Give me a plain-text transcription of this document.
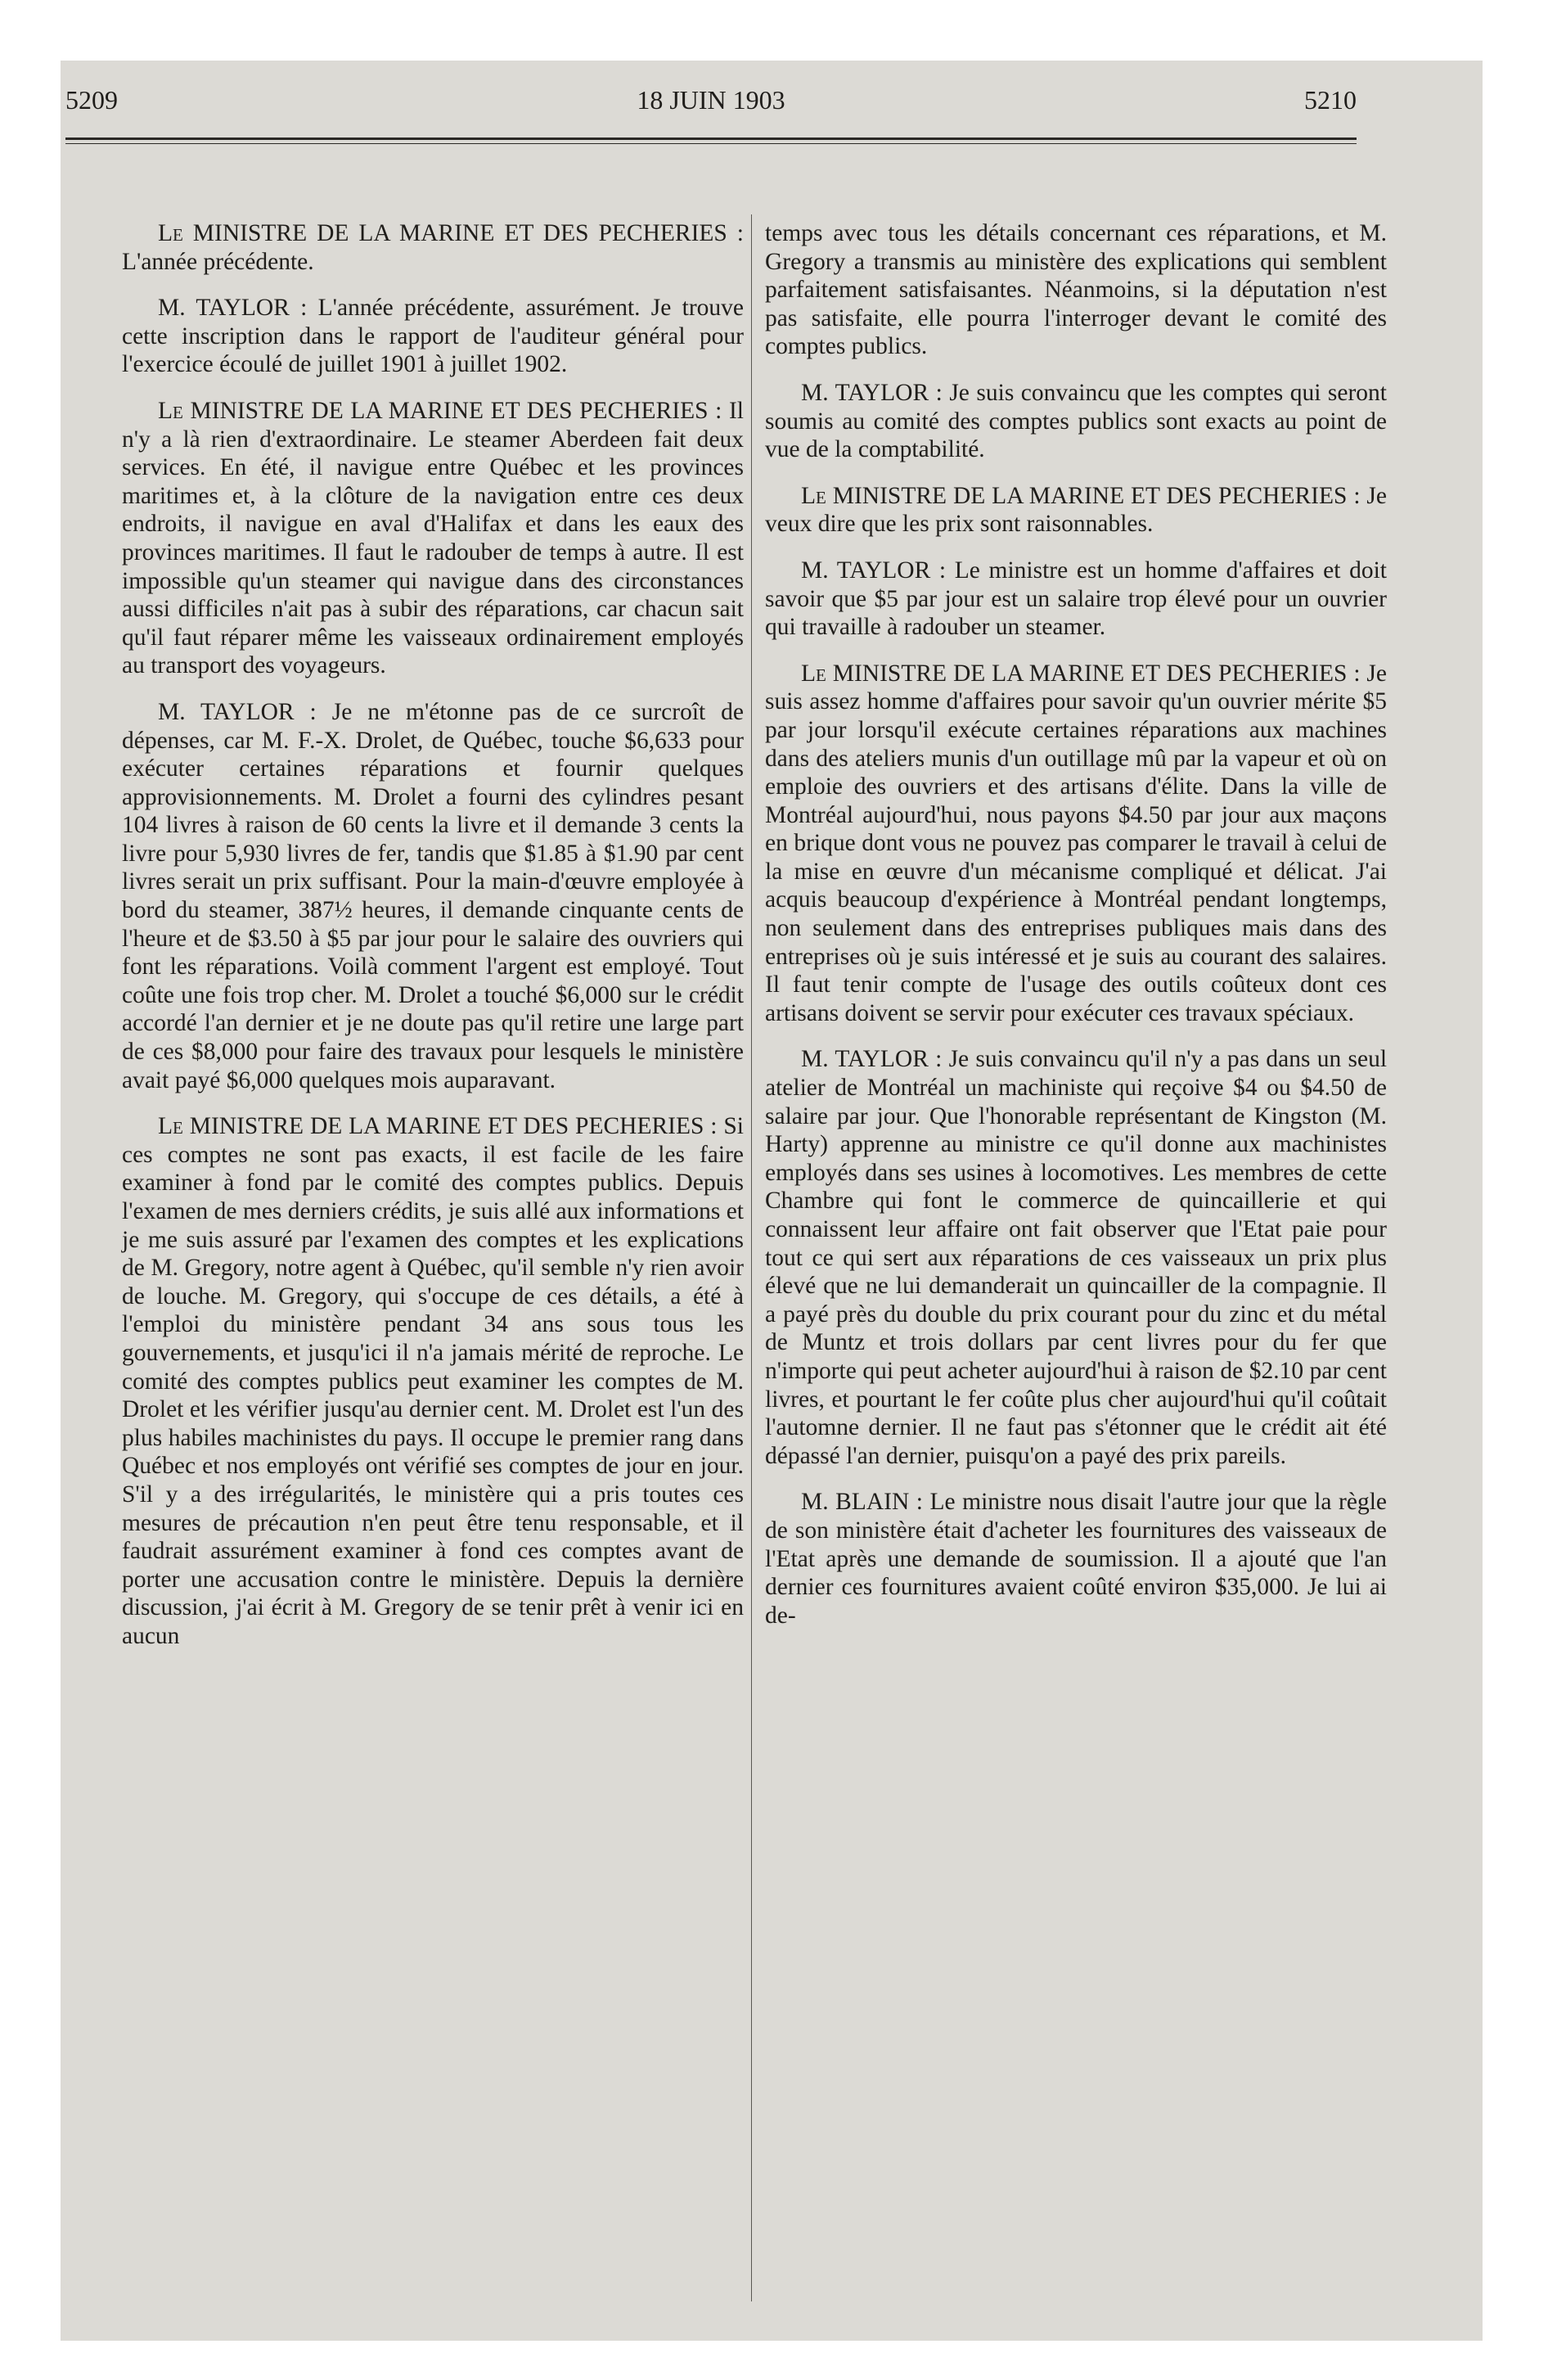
5209	18 JUIN 1903	5210

Le MINISTRE DE LA MARINE ET DES PECHERIES : L'année précédente.

M. TAYLOR : L'année précédente, assurément. Je trouve cette inscription dans le rapport de l'auditeur général pour l'exercice écoulé de juillet 1901 à juillet 1902.

Le MINISTRE DE LA MARINE ET DES PECHERIES : Il n'y a là rien d'extraordinaire. Le steamer Aberdeen fait deux services. En été, il navigue entre Québec et les provinces maritimes et, à la clôture de la navigation entre ces deux endroits, il navigue en aval d'Halifax et dans les eaux des provinces maritimes. Il faut le radouber de temps à autre. Il est impossible qu'un steamer qui navigue dans des circonstances aussi difficiles n'ait pas à subir des réparations, car chacun sait qu'il faut réparer même les vaisseaux ordinairement employés au transport des voyageurs.

M. TAYLOR : Je ne m'étonne pas de ce surcroît de dépenses, car M. F.-X. Drolet, de Québec, touche $6,633 pour exécuter certaines réparations et fournir quelques approvisionnements. M. Drolet a fourni des cylindres pesant 104 livres à raison de 60 cents la livre et il demande 3 cents la livre pour 5,930 livres de fer, tandis que $1.85 à $1.90 par cent livres serait un prix suffisant. Pour la main-d'œuvre employée à bord du steamer, 387½ heures, il demande cinquante cents de l'heure et de $3.50 à $5 par jour pour le salaire des ouvriers qui font les réparations. Voilà comment l'argent est employé. Tout coûte une fois trop cher. M. Drolet a touché $6,000 sur le crédit accordé l'an dernier et je ne doute pas qu'il retire une large part de ces $8,000 pour faire des travaux pour lesquels le ministère avait payé $6,000 quelques mois auparavant.

Le MINISTRE DE LA MARINE ET DES PECHERIES : Si ces comptes ne sont pas exacts, il est facile de les faire examiner à fond par le comité des comptes publics. Depuis l'examen de mes derniers crédits, je suis allé aux informations et je me suis assuré par l'examen des comptes et les explications de M. Gregory, notre agent à Québec, qu'il semble n'y rien avoir de louche. M. Gregory, qui s'occupe de ces détails, a été à l'emploi du ministère pendant 34 ans sous tous les gouvernements, et jusqu'ici il n'a jamais mérité de reproche. Le comité des comptes publics peut examiner les comptes de M. Drolet et les vérifier jusqu'au dernier cent. M. Drolet est l'un des plus habiles machinistes du pays. Il occupe le premier rang dans Québec et nos employés ont vérifié ses comptes de jour en jour. S'il y a des irrégularités, le ministère qui a pris toutes ces mesures de précaution n'en peut être tenu responsable, et il faudrait assurément examiner à fond ces comptes avant de porter une accusation contre le ministère. Depuis la dernière discussion, j'ai écrit à M. Gregory de se tenir prêt à venir ici en aucun

temps avec tous les détails concernant ces réparations, et M. Gregory a transmis au ministère des explications qui semblent parfaitement satisfaisantes. Néanmoins, si la députation n'est pas satisfaite, elle pourra l'interroger devant le comité des comptes publics.

M. TAYLOR : Je suis convaincu que les comptes qui seront soumis au comité des comptes publics sont exacts au point de vue de la comptabilité.

Le MINISTRE DE LA MARINE ET DES PECHERIES : Je veux dire que les prix sont raisonnables.

M. TAYLOR : Le ministre est un homme d'affaires et doit savoir que $5 par jour est un salaire trop élevé pour un ouvrier qui travaille à radouber un steamer.

Le MINISTRE DE LA MARINE ET DES PECHERIES : Je suis assez homme d'affaires pour savoir qu'un ouvrier mérite $5 par jour lorsqu'il exécute certaines réparations aux machines dans des ateliers munis d'un outillage mû par la vapeur et où on emploie des ouvriers et des artisans d'élite. Dans la ville de Montréal aujourd'hui, nous payons $4.50 par jour aux maçons en brique dont vous ne pouvez pas comparer le travail à celui de la mise en œuvre d'un mécanisme compliqué et délicat. J'ai acquis beaucoup d'expérience à Montréal pendant longtemps, non seulement dans des entreprises publiques mais dans des entreprises où je suis intéressé et je suis au courant des salaires. Il faut tenir compte de l'usage des outils coûteux dont ces artisans doivent se servir pour exécuter ces travaux spéciaux.

M. TAYLOR : Je suis convaincu qu'il n'y a pas dans un seul atelier de Montréal un machiniste qui reçoive $4 ou $4.50 de salaire par jour. Que l'honorable représentant de Kingston (M. Harty) apprenne au ministre ce qu'il donne aux machinistes employés dans ses usines à locomotives. Les membres de cette Chambre qui font le commerce de quincaillerie et qui connaissent leur affaire ont fait observer que l'Etat paie pour tout ce qui sert aux réparations de ces vaisseaux un prix plus élevé que ne lui demanderait un quincailler de la compagnie. Il a payé près du double du prix courant pour du zinc et du métal de Muntz et trois dollars par cent livres pour du fer que n'importe qui peut acheter aujourd'hui à raison de $2.10 par cent livres, et pourtant le fer coûte plus cher aujourd'hui qu'il coûtait l'automne dernier. Il ne faut pas s'étonner que le crédit ait été dépassé l'an dernier, puisqu'on a payé des prix pareils.

M. BLAIN : Le ministre nous disait l'autre jour que la règle de son ministère était d'acheter les fournitures des vaisseaux de l'Etat après une demande de soumission. Il a ajouté que l'an dernier ces fournitures avaient coûté environ $35,000. Je lui ai de-
